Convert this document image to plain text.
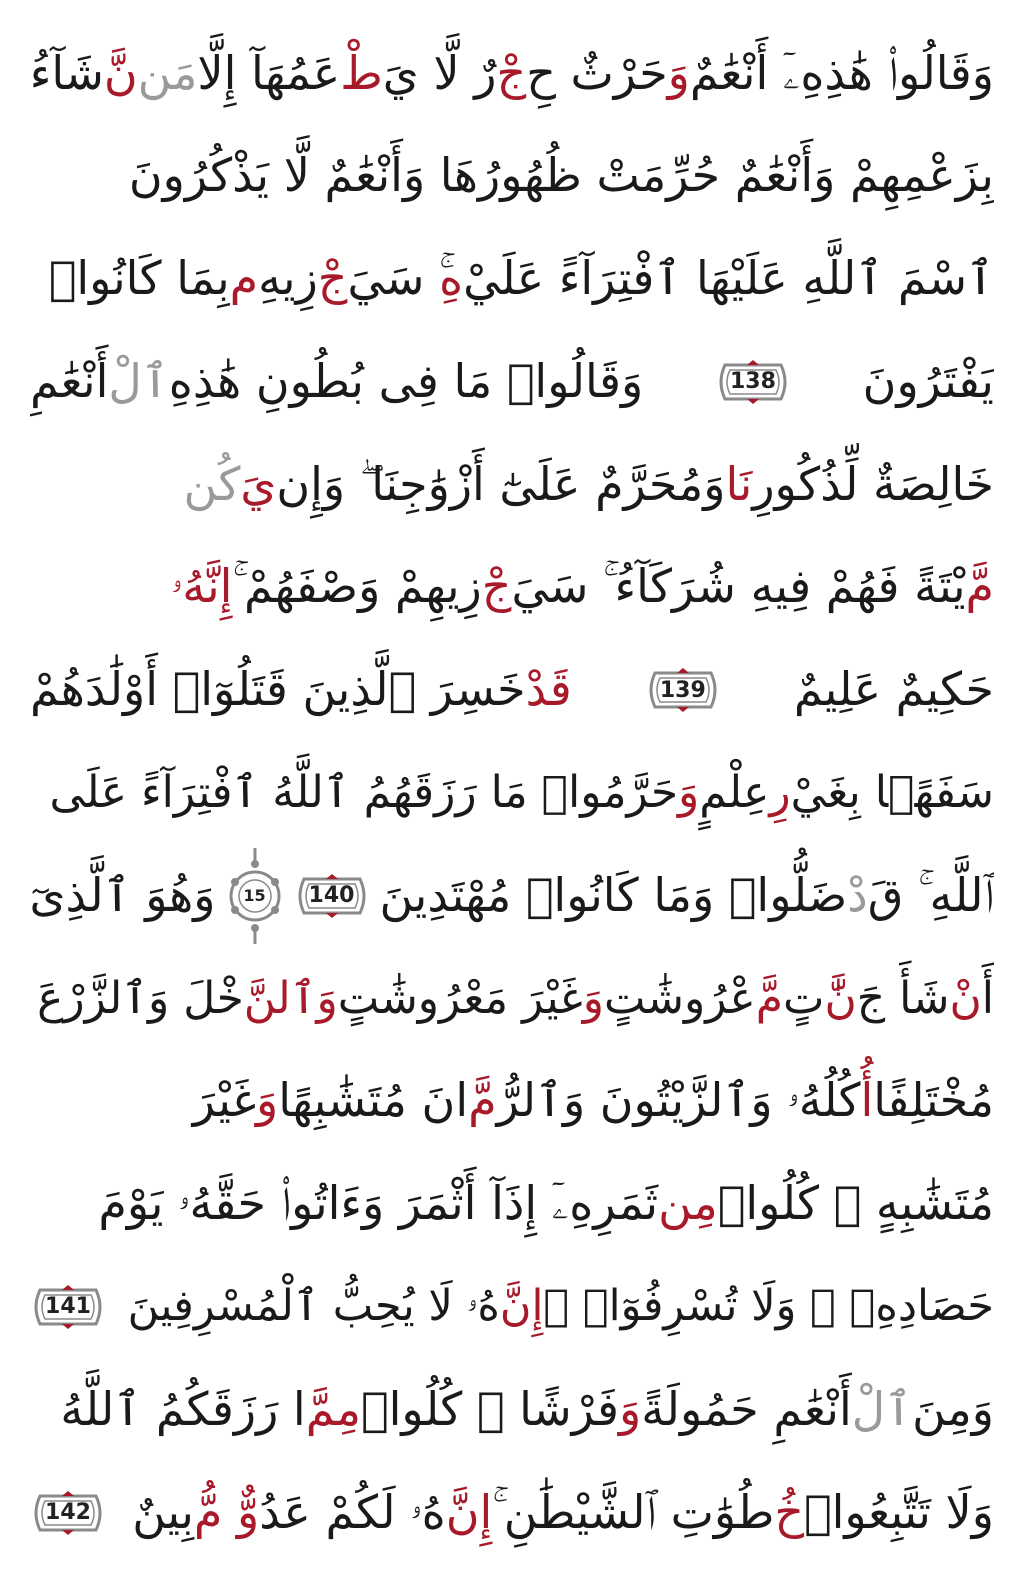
وَقَالُوا۟ هَٰذِهِۦٓ أَنْعَٰمٌوَحَرْثٌ حِجْرٌ لَّا يَطْعَمُهَآ إِلَّامَننَّشَآءُ
بِزَعْمِهِمْ وَأَنْعَٰمٌ حُرِّمَتْ ظُهُورُهَا وَأَنْعَٰمٌ لَّا يَذْكُرُونَ
ٱسْمَ ٱللَّهِ عَلَيْهَا ٱفْتِرَآءً عَلَيْهِۚ سَيَجْزِيهِمبِمَا كَانُوا۟
يَفْتَرُونَ
138
وَقَالُوا۟ مَا فِى بُطُونِ هَٰذِهِٱلْأَنْعَٰمِ
خَالِصَةٌ لِّذُكُورِنَاوَمُحَرَّمٌ عَلَىٰٓ أَزْوَٰجِنَا ۖ وَإِنيَكُن
مَّيْتَةً فَهُمْ فِيهِ شُرَكَآءُ ۚ سَيَجْزِيهِمْ وَصْفَهُمْ ۚإِنَّهُۥ
حَكِيمٌ عَلِيمٌ
139
قَدْخَسِرَ ٱلَّذِينَ قَتَلُوٓا۟ أَوْلَٰدَهُمْ
سَفَهًۢا بِغَيْرِعِلْمٍوَحَرَّمُوا۟ مَا رَزَقَهُمُ ٱللَّهُ ٱفْتِرَآءً عَلَى
ٱللَّهِ ۚ قَدْضَلُّوا۟ وَمَا كَانُوا۟ مُهْتَدِينَ
140
15
وَهُوَ ٱلَّذِىٓ
أَنْشَأَ جَنَّٰتٍمَّعْرُوشَٰتٍوَغَيْرَ مَعْرُوشَٰتٍوَٱلنَّخْلَ وَٱلزَّرْعَ
مُخْتَلِفًاأُكُلُهُۥ وَٱلزَّيْتُونَ وَٱلرُّمَّانَ مُتَشَٰبِهًاوَغَيْرَ
مُتَشَٰبِهٍ ۚ كُلُوا۟مِنثَمَرِهِۦٓ إِذَآ أَثْمَرَ وَءَاتُوا۟ حَقَّهُۥ يَوْمَ
حَصَادِهِۦ ۖ وَلَا تُسْرِفُوٓا۟ ۚإِنَّهُۥ لَا يُحِبُّ ٱلْمُسْرِفِينَ
141
وَمِنَٱلْأَنْعَٰمِ حَمُولَةًوَفَرْشًا ۚ كُلُوا۟مِمَّا رَزَقَكُمُ ٱللَّهُ
وَلَا تَتَّبِعُوا۟خُطُوَٰتِ ٱلشَّيْطَٰنِ ۚإِنَّهُۥ لَكُمْ عَدُوٌّ مُّبِينٌ
142
